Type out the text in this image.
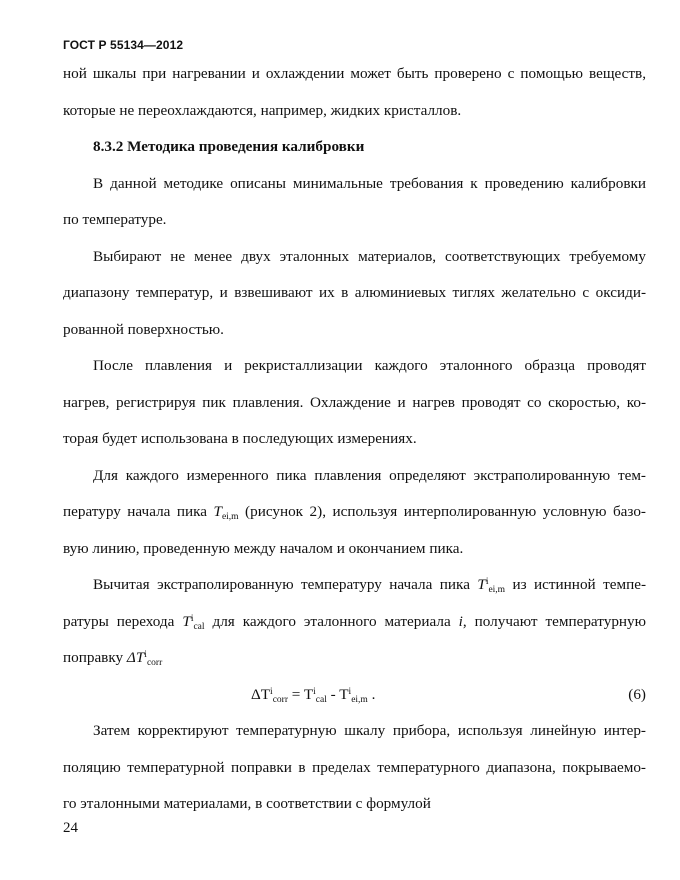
ГОСТ Р 55134—2012
ной шкалы при нагревании и охлаждении может быть проверено с помощью веществ,
которые не переохлаждаются, например, жидких кристаллов.
8.3.2 Методика проведения калибровки
В данной методике описаны минимальные требования к проведению калибровки
по температуре.
Выбирают не менее двух эталонных материалов, соответствующих требуемому
диапазону температур, и взвешивают их в алюминиевых тиглях желательно с оксиди-
рованной поверхностью.
После плавления и рекристаллизации каждого эталонного образца проводят
нагрев, регистрируя пик плавления. Охлаждение и нагрев проводят со скоростью, ко-
торая будет использована в последующих измерениях.
Для каждого измеренного пика плавления определяют экстраполированную тем-
пературу начала пика $T_{ei,m}$ (рисунок 2), используя интерполированную условную базо-
вую линию, проведенную между началом и окончанием пика.
Вычитая экстраполированную температуру начала пика $T^i_{ei,m}$ из истинной темпе-
ратуры перехода $T^i_{cal}$ для каждого эталонного материала i, получают температурную
поправку $\Delta T^i_{corr}$
$\Delta T^i_{corr} = T^i_{cal} - T^i_{ei,m}$ .	(6)
Затем корректируют температурную шкалу прибора, используя линейную интер-
поляцию температурной поправки в пределах температурного диапазона, покрываемо-
го эталонными материалами, в соответствии с формулой
24
